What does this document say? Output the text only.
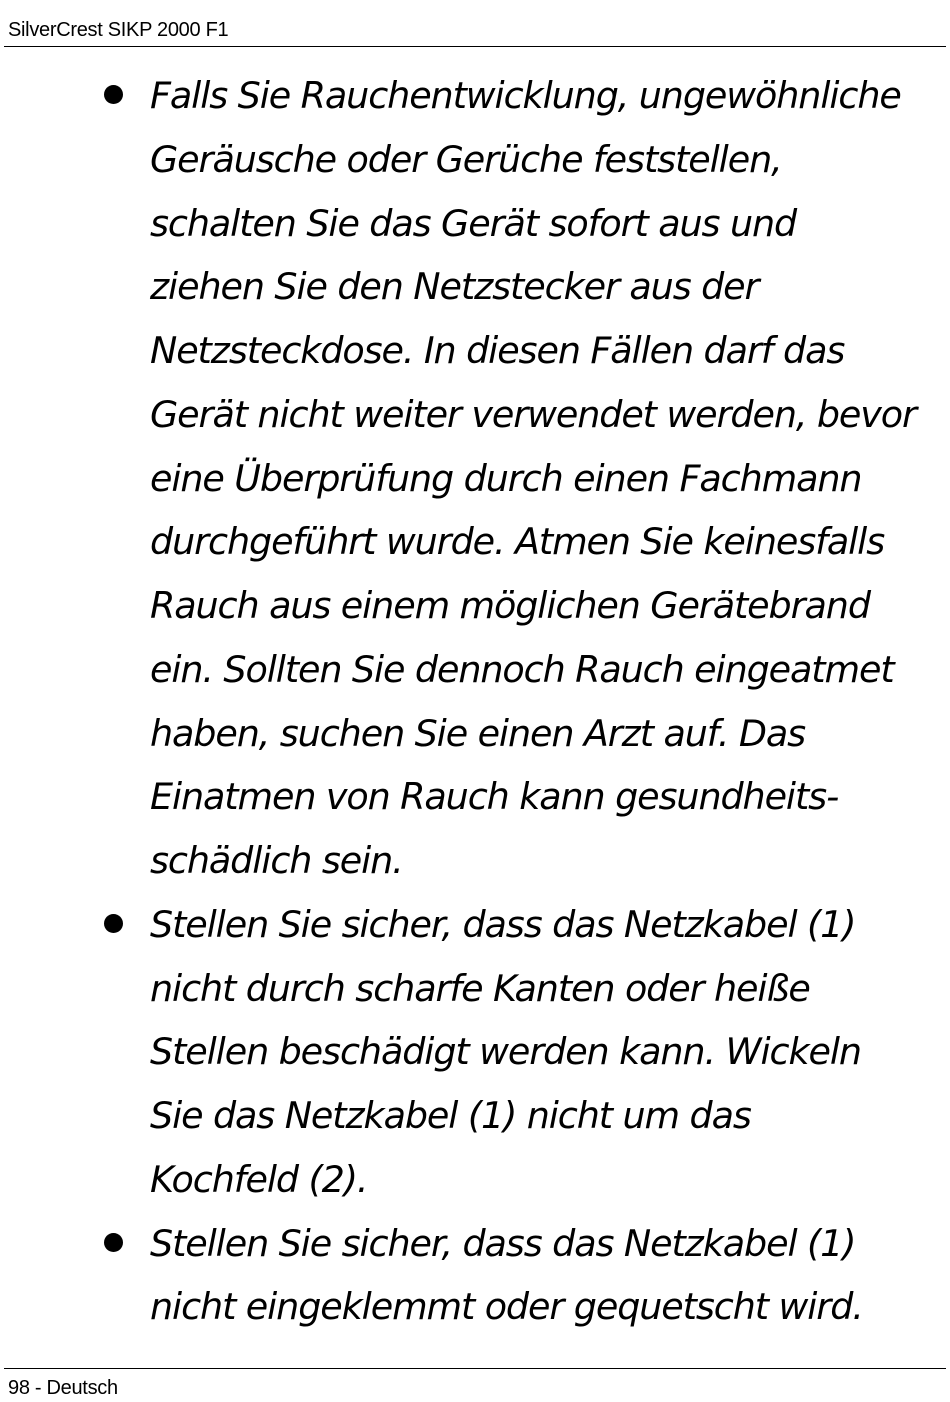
SilverCrest SIKP 2000 F1
Falls Sie Rauchentwicklung, ungewöhnliche
Geräusche oder Gerüche feststellen,
schalten Sie das Gerät sofort aus und
ziehen Sie den Netzstecker aus der
Netzsteckdose. In diesen Fällen darf das
Gerät nicht weiter verwendet werden, bevor
eine Überprüfung durch einen Fachmann
durchgeführt wurde. Atmen Sie keinesfalls
Rauch aus einem möglichen Gerätebrand
ein. Sollten Sie dennoch Rauch eingeatmet
haben, suchen Sie einen Arzt auf. Das
Einatmen von Rauch kann gesundheits-
schädlich sein.
Stellen Sie sicher, dass das Netzkabel (1)
nicht durch scharfe Kanten oder heiße
Stellen beschädigt werden kann. Wickeln
Sie das Netzkabel (1) nicht um das
Kochfeld (2).
Stellen Sie sicher, dass das Netzkabel (1)
nicht eingeklemmt oder gequetscht wird.
98 - Deutsch
